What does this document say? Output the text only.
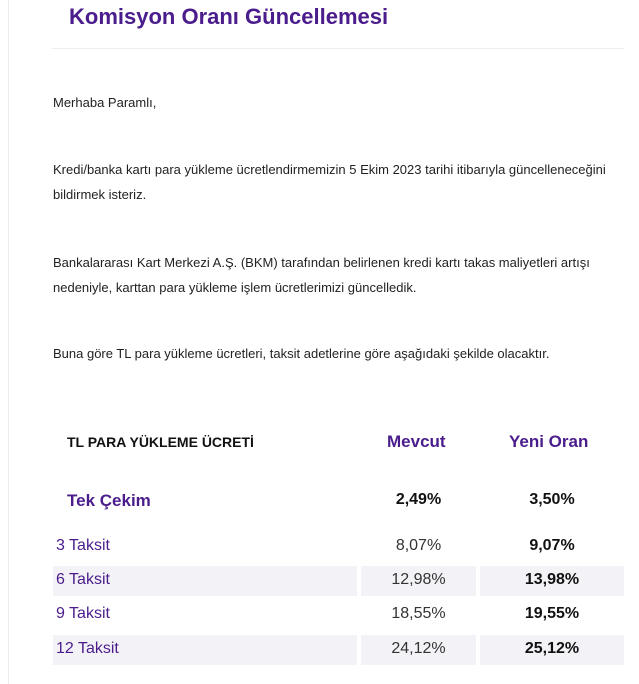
Komisyon Oranı Güncellemesi

Merhaba Paramlı,

Kredi/banka kartı para yükleme ücretlendirmemizin 5 Ekim 2023 tarihi itibarıyla güncelleneceğini bildirmek isteriz.

Bankalararası Kart Merkezi A.Ş. (BKM) tarafından belirlenen kredi kartı takas maliyetleri artışı nedeniyle, karttan para yükleme işlem ücretlerimizi güncelledik.

Buna göre TL para yükleme ücretleri, taksit adetlerine göre aşağıdaki şekilde olacaktır.

TL PARA YÜKLEME ÜCRETİ	Mevcut	Yeni Oran
Tek Çekim	2,49%	3,50%
3 Taksit	8,07%	9,07%
6 Taksit	12,98%	13,98%
9 Taksit	18,55%	19,55%
12 Taksit	24,12%	25,12%
